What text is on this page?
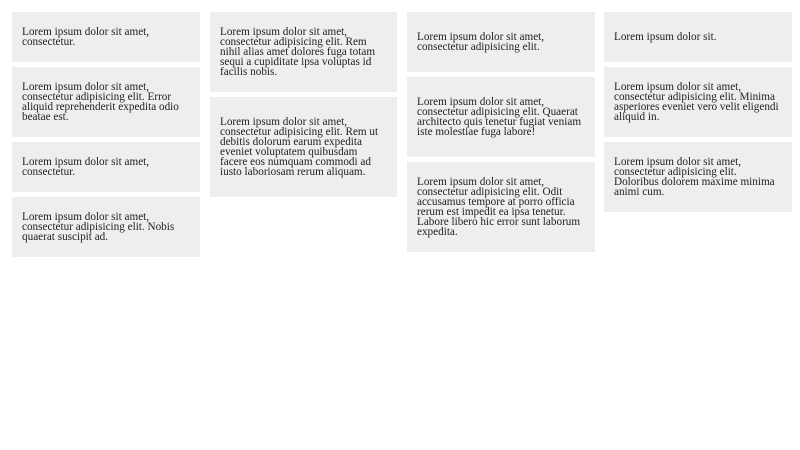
Lorem ipsum dolor sit amet, consectetur.
Lorem ipsum dolor sit amet, consectetur adipisicing elit. Error aliquid reprehenderit expedita odio beatae est.
Lorem ipsum dolor sit amet, consectetur.
Lorem ipsum dolor sit amet, consectetur adipisicing elit. Nobis quaerat suscipit ad.
Lorem ipsum dolor sit amet, consectetur adipisicing elit. Rem nihil alias amet dolores fuga totam sequi a cupiditate ipsa voluptas id facilis nobis.
Lorem ipsum dolor sit amet, consectetur adipisicing elit. Rem ut debitis dolorum earum expedita eveniet voluptatem quibusdam facere eos numquam commodi ad iusto laboriosam rerum aliquam.
Lorem ipsum dolor sit amet, consectetur adipisicing elit.
Lorem ipsum dolor sit amet, consectetur adipisicing elit. Quaerat architecto quis tenetur fugiat veniam iste molestiae fuga labore!
Lorem ipsum dolor sit amet, consectetur adipisicing elit. Odit accusamus tempore at porro officia rerum est impedit ea ipsa tenetur. Labore libero hic error sunt laborum expedita.
Lorem ipsum dolor sit.
Lorem ipsum dolor sit amet, consectetur adipisicing elit. Minima asperiores eveniet vero velit eligendi aliquid in.
Lorem ipsum dolor sit amet, consectetur adipisicing elit. Doloribus dolorem maxime minima animi cum.
